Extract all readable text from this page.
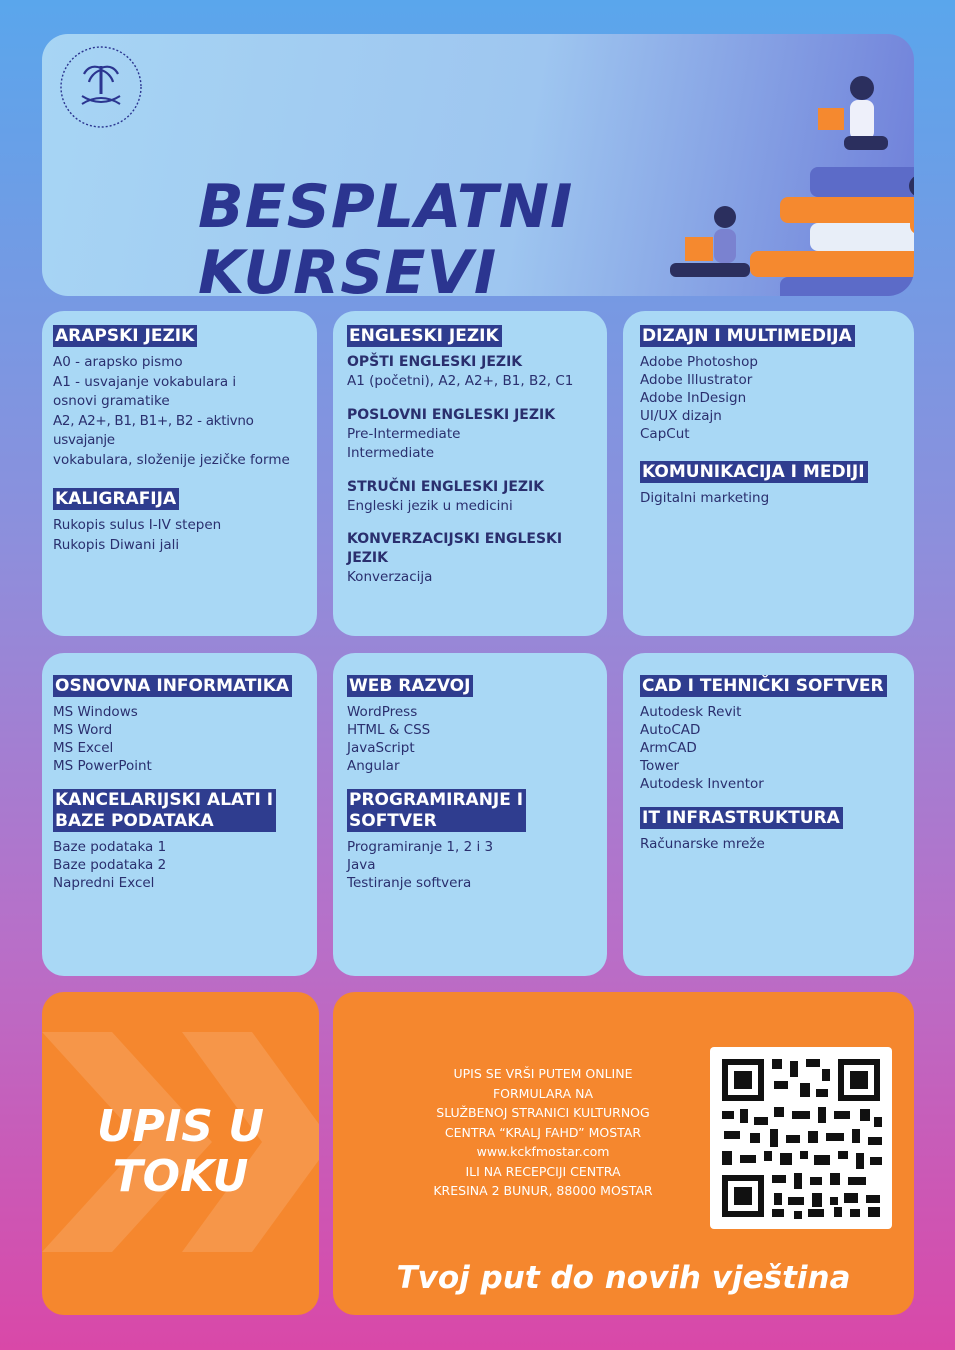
BESPLATNI
KURSEVI
ARAPSKI JEZIK
A0 - arapsko pismo
A1 - usvajanje vokabulara i
osnovi gramatike
A2, A2+, B1, B1+, B2 - aktivno usvajanje
vokabulara, složenije jezičke forme
KALIGRAFIJA
Rukopis sulus I-IV stepen
Rukopis Diwani jali
ENGLESKI JEZIK
OPŠTI ENGLESKI JEZIK
A1 (početni), A2, A2+, B1, B2, C1
POSLOVNI ENGLESKI JEZIK
Pre-Intermediate
Intermediate
STRUČNI ENGLESKI JEZIK
Engleski jezik u medicini
KONVERZACIJSKI ENGLESKI JEZIK
Konverzacija
DIZAJN I MULTIMEDIJA
Adobe Photoshop
Adobe Illustrator
Adobe InDesign
UI/UX dizajn
CapCut
KOMUNIKACIJA I MEDIJI
Digitalni marketing
OSNOVNA INFORMATIKA
MS Windows
MS Word
MS Excel
MS PowerPoint
KANCELARIJSKI ALATI I
BAZE PODATAKA
Baze podataka 1
Baze podataka 2
Napredni Excel
WEB RAZVOJ
WordPress
HTML & CSS
JavaScript
Angular
PROGRAMIRANJE I
SOFTVER
Programiranje 1, 2 i 3
Java
Testiranje softvera
CAD I TEHNIČKI SOFTVER
Autodesk Revit
AutoCAD
ArmCAD
Tower
Autodesk Inventor
IT INFRASTRUKTURA
Računarske mreže
UPIS U
TOKU
UPIS SE VRŠI PUTEM ONLINE
FORMULARA NA
SLUŽBENOJ STRANICI KULTURNOG
CENTRA “KRALJ FAHD” MOSTAR
www.kckfmostar.com
ILI NA RECEPCIJI CENTRA
KRESINA 2 BUNUR, 88000 MOSTAR
Tvoj put do novih vještina
